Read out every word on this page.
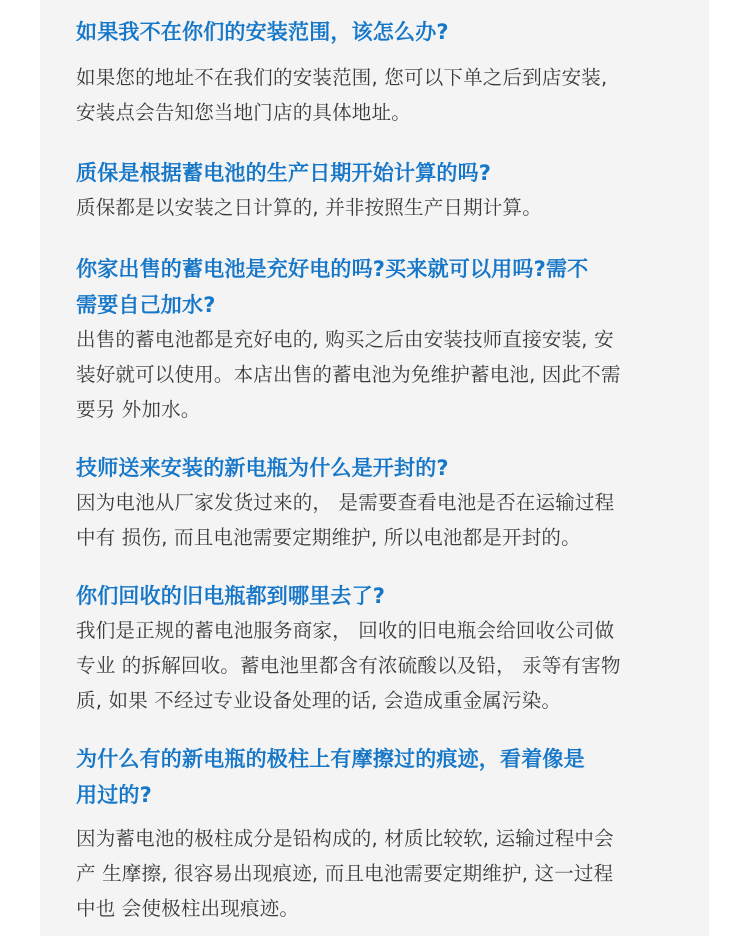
如果我不在你们的安装范围，该怎么办?
如果您的地址不在我们的安装范围, 您可以下单之后到店安装,
安装点会告知您当地门店的具体地址。
质保是根据蓄电池的生产日期开始计算的吗?
质保都是以安装之日计算的, 并非按照生产日期计算。
你家出售的蓄电池是充好电的吗?买来就可以用吗?需不
需要自己加水?
出售的蓄电池都是充好电的, 购买之后由安装技师直接安装, 安
装好就可以使用。本店出售的蓄电池为免维护蓄电池, 因此不需
要另 外加水。
技师送来安装的新电瓶为什么是开封的?
因为电池从厂家发货过来的， 是需要查看电池是否在运输过程
中有 损伤, 而且电池需要定期维护, 所以电池都是开封的。
你们回收的旧电瓶都到哪里去了?
我们是正规的蓄电池服务商家， 回收的旧电瓶会给回收公司做
专业 的拆解回收。蓄电池里都含有浓硫酸以及铅， 汞等有害物
质, 如果 不经过专业设备处理的话, 会造成重金属污染。
为什么有的新电瓶的极柱上有摩擦过的痕迹，看着像是
用过的?
因为蓄电池的极柱成分是铅构成的, 材质比较软, 运输过程中会
产 生摩擦, 很容易出现痕迹, 而且电池需要定期维护, 这一过程
中也 会使极柱出现痕迹。
